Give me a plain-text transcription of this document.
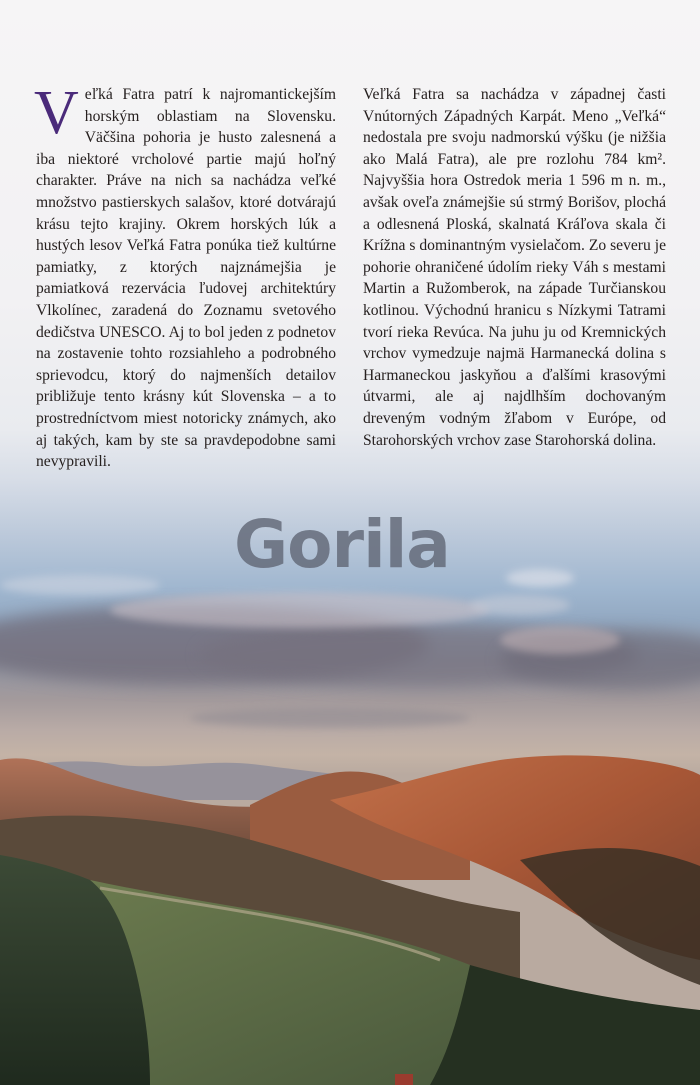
Veľká Fatra patrí k najromantickejším horským oblastiam na Slovensku. Väčšina pohoria je husto zalesnená a iba niektoré vrcholové partie majú hoľný charakter. Práve na nich sa nachádza veľké množstvo pastierskych salašov, ktoré dotvárajú krásu tejto krajiny. Okrem horských lúk a hustých lesov Veľká Fatra ponúka tiež kultúrne pamiatky, z ktorých najznámejšia je pamiatková rezervácia ľudovej architektúry Vlkolínec, zaradená do Zoznamu svetového dedičstva UNESCO. Aj to bol jeden z podnetov na zostavenie tohto rozsiahleho a podrobného sprievodcu, ktorý do najmenších detailov približuje tento krásny kút Slovenska – a to prostredníctvom miest notoricky známych, ako aj takých, kam by ste sa pravdepodobne sami nevypravili.

Veľká Fatra sa nachádza v západnej časti Vnútorných Západných Karpát. Meno „Veľká“ nedostala pre svoju nadmorskú výšku (je nižšia ako Malá Fatra), ale pre rozlohu 784 km². Najvyššia hora Ostredok meria 1 596 m n. m., avšak oveľa známejšie sú strmý Borišov, plochá a odlesnená Ploská, skalnatá Kráľova skala či Krížna s dominantným vysielačom. Zo severu je pohorie ohraničené údolím rieky Váh s mestami Martin a Ružomberok, na západe Turčianskou kotlinou. Východnú hranicu s Nízkymi Tatrami tvorí rieka Revúca. Na juhu ju od Kremnických vrchov vymedzuje najmä Harmanecká dolina s Harmaneckou jaskyňou a ďalšími krasovými útvarmi, ale aj najdlhším dochovaným dreveným vodným žľabom v Európe, od Starohorských vrchov zase Starohorská dolina.

Gorila
